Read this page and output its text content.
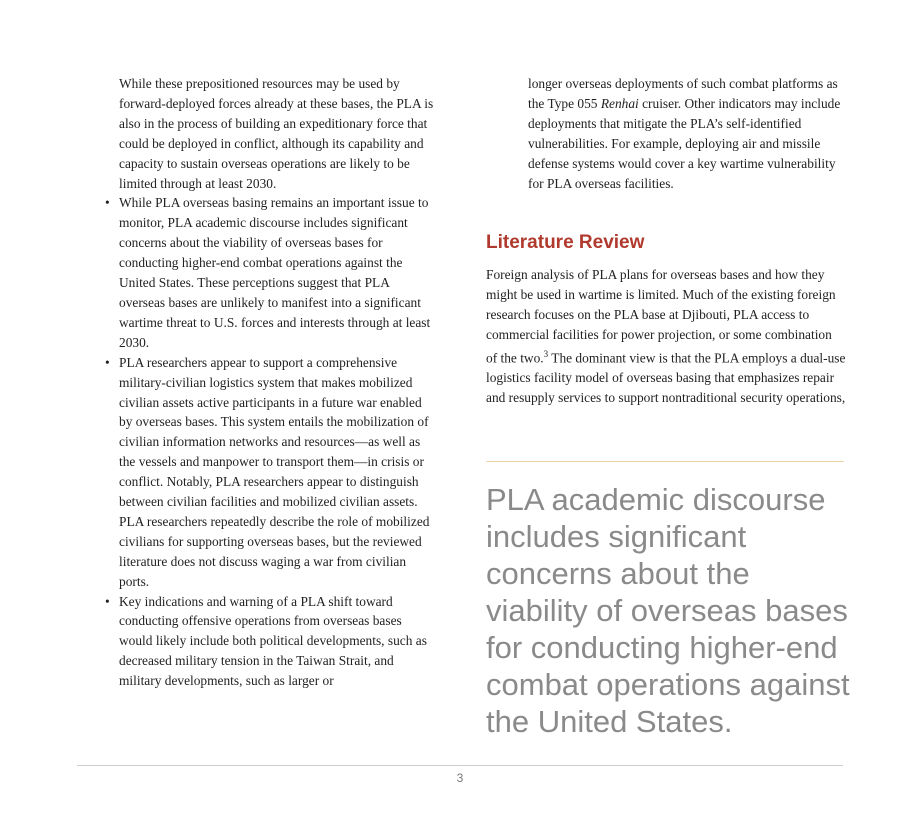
While these prepositioned resources may be used by forward-deployed forces already at these bases, the PLA is also in the process of building an expeditionary force that could be deployed in conflict, although its capability and capacity to sustain overseas operations are likely to be limited through at least 2030.

• While PLA overseas basing remains an important issue to monitor, PLA academic discourse includes significant concerns about the viability of overseas bases for conducting higher-end combat operations against the United States. These perceptions suggest that PLA overseas bases are unlikely to manifest into a significant wartime threat to U.S. forces and interests through at least 2030.
• PLA researchers appear to support a comprehensive military-civilian logistics system that makes mobilized civilian assets active participants in a future war enabled by overseas bases. This system entails the mobilization of civilian information networks and resources—as well as the vessels and manpower to transport them—in crisis or conflict. Notably, PLA researchers appear to distinguish between civilian facilities and mobilized civilian assets. PLA researchers repeatedly describe the role of mobilized civilians for supporting overseas bases, but the reviewed literature does not discuss waging a war from civilian ports.
• Key indications and warning of a PLA shift toward conducting offensive operations from overseas bases would likely include both political developments, such as decreased military tension in the Taiwan Strait, and military developments, such as larger or

longer overseas deployments of such combat platforms as the Type 055 Renhai cruiser. Other indicators may include deployments that mitigate the PLA’s self-identified vulnerabilities. For example, deploying air and missile defense systems would cover a key wartime vulnerability for PLA overseas facilities.

Literature Review

Foreign analysis of PLA plans for overseas bases and how they might be used in wartime is limited. Much of the existing foreign research focuses on the PLA base at Djibouti, PLA access to commercial facilities for power projection, or some combination of the two.$^3$ The dominant view is that the PLA employs a dual-use logistics facility model of overseas basing that emphasizes repair and resupply services to support nontraditional security operations,

PLA academic discourse includes significant concerns about the viability of overseas bases for conducting higher-end combat operations against the United States.
3
